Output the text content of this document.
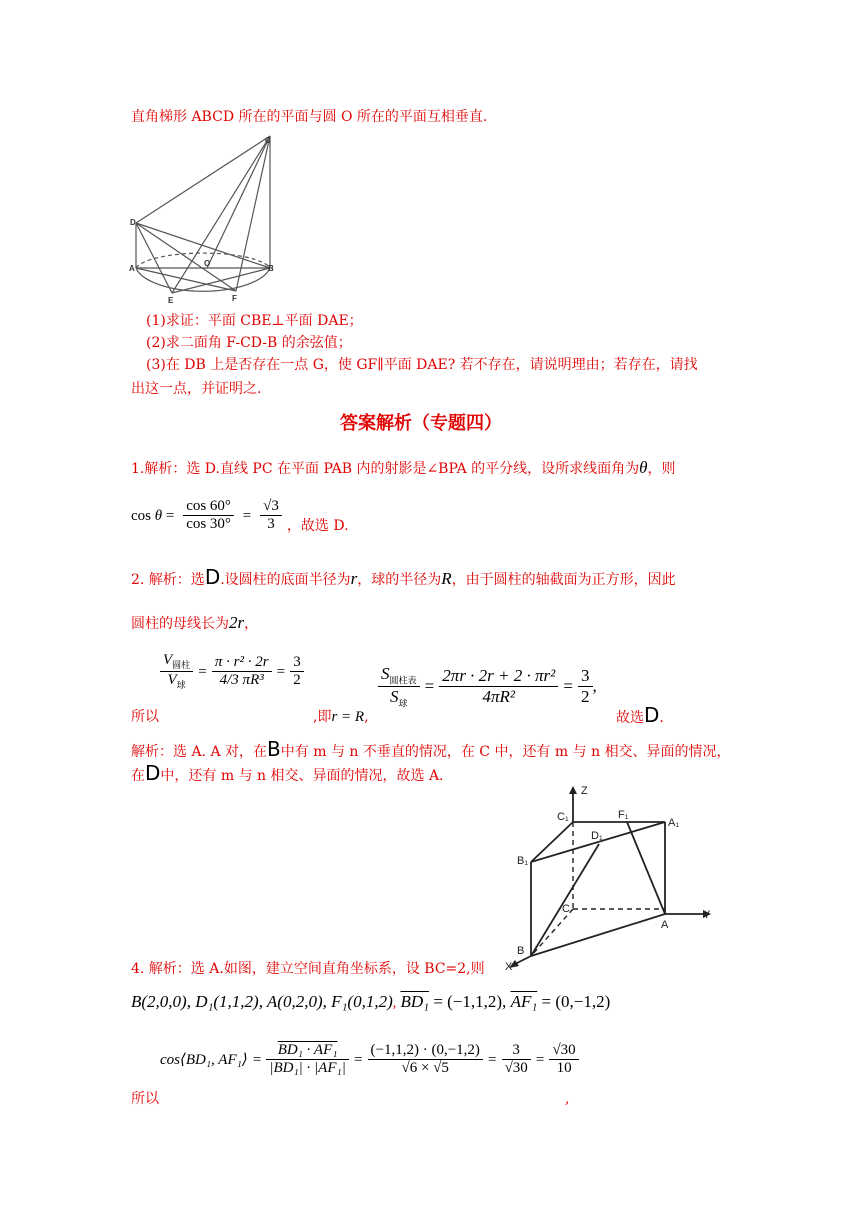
直角梯形 ABCD 所在的平面与圆 O 所在的平面互相垂直.
C
D
A
O
B
E	F
(1)求证：平面 CBE⊥平面 DAE；
(2)求二面角 F-CD-B 的余弦值；
(3)在 DB 上是否存在一点 G，使 GF∥平面 DAE? 若不存在，请说明理由；若存在，请找
出这一点，并证明之.
答案解析（专题四）
1.解析：选 D.直线 PC 在平面 PAB 内的射影是∠BPA 的平分线，设所求线面角为θ，则
$\cos \theta = \frac{\cos 60^\circ}{\cos 30^\circ} = \frac{√3}{3}$ ，故选 D.
2. 解析：选D.设圆柱的底面半径为r，球的半径为R，由于圆柱的轴截面为正方形，因此
圆柱的母线长为2r，
$\frac{V_{圆柱}}{V_球} = \frac{\text{π · r² · 2r}}{\text{4/3 πR³}} = \frac{3}{2}$
所以	,即r = R,
$\frac{S_{圆柱表}}{S_球} = \frac{\text{2πr · 2r + 2 · πr²}}{\text{4πR²}} = \frac{3}{2}$ ,
故选D.
解析：选 A. A 对，在B中有 m 与 n 不垂直的情况，在 C 中，还有 m 与 n 相交、异面的情况，
在D中，还有 m 与 n 相交、异面的情况，故选 A.
Z
C₁	F₁
A₁
D₁
B₁
C
A
B
Y
X
4. 解析：选 A.如图，建立空间直角坐标系，设 BC=2,则
B(2,0,0), D₁(1,1,2), A(0,2,0), F₁(0,1,2), BD₁ = (−1,1,2), AF₁ = (0,−1,2)
cos⟨BD₁, AF₁⟩ = $\frac{\text{BD₁ · AF₁}}{\text{|BD₁| · |AF₁|}} = \frac{(-1,1,2) \cdot (0,-1,2)}{√6 \times √5} = \frac{3}{√30} = \frac{√30}{10}$
所以	,
